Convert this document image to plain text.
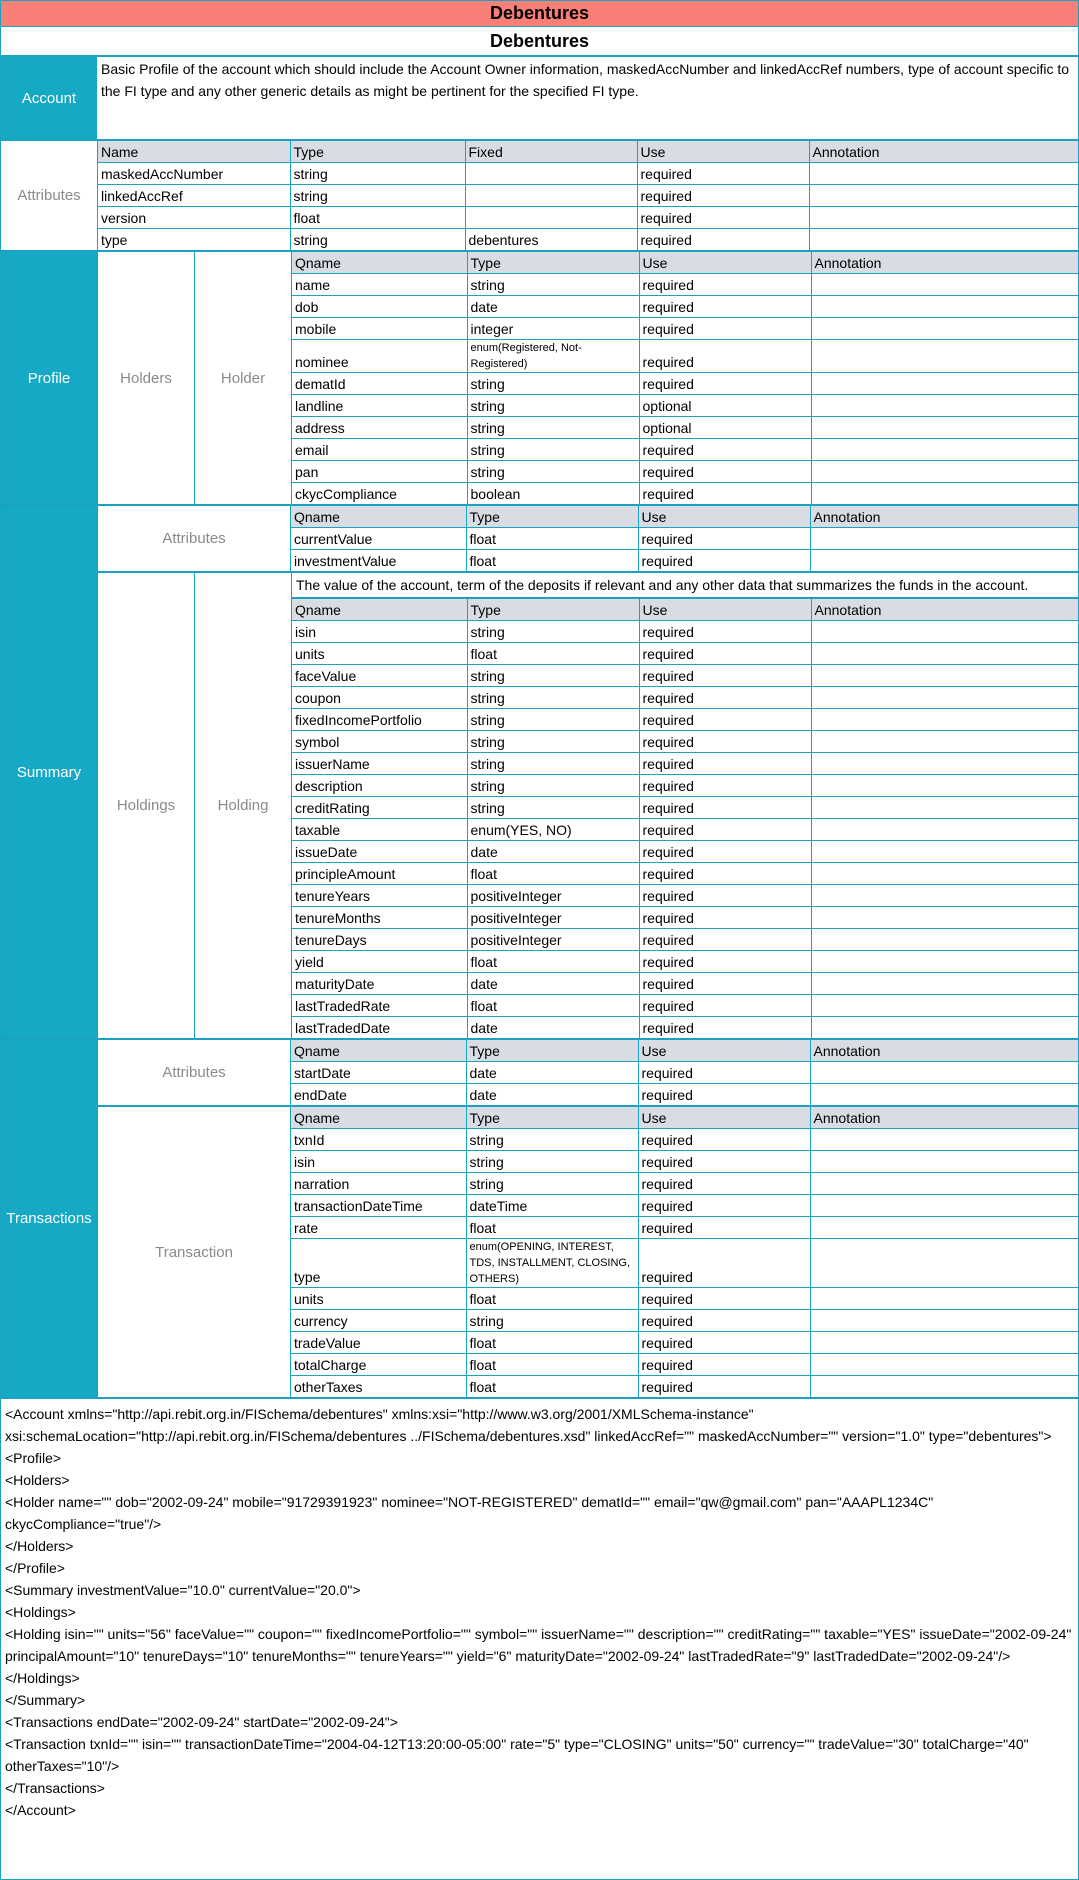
Debentures
Debentures
Account
Basic Profile of the account which should include the Account Owner information, maskedAccNumber and linkedAccRef numbers, type of account specific to the FI type and any other generic details as might be pertinent for the specified FI type.
Attributes
Name	Type	Fixed	Use	Annotation
maskedAccNumber	string		required	
linkedAccRef	string		required	
version	float		required	
type	string	debentures	required	
Profile	Holders	Holder
Qname	Type	Use	Annotation
name	string	required	
dob	date	required	
mobile	integer	required	
nominee	enum(Registered, Not-Registered)	required	
dematId	string	required	
landline	string	optional	
address	string	optional	
email	string	required	
pan	string	required	
ckycCompliance	boolean	required	
Summary
Attributes
Qname	Type	Use	Annotation
currentValue	float	required	
investmentValue	float	required	
Holdings	Holding
The value of the account, term of the deposits if relevant and any other data that summarizes the funds in the account.
Qname	Type	Use	Annotation
isin	string	required	
units	float	required	
faceValue	string	required	
coupon	string	required	
fixedIncomePortfolio	string	required	
symbol	string	required	
issuerName	string	required	
description	string	required	
creditRating	string	required	
taxable	enum(YES, NO)	required	
issueDate	date	required	
principleAmount	float	required	
tenureYears	positiveInteger	required	
tenureMonths	positiveInteger	required	
tenureDays	positiveInteger	required	
yield	float	required	
maturityDate	date	required	
lastTradedRate	float	required	
lastTradedDate	date	required	
Transactions
Attributes
Qname	Type	Use	Annotation
startDate	date	required	
endDate	date	required	
Transaction
Qname	Type	Use	Annotation
txnId	string	required	
isin	string	required	
narration	string	required	
transactionDateTime	dateTime	required	
rate	float	required	
type	enum(OPENING, INTEREST, TDS, INSTALLMENT, CLOSING, OTHERS)	required	
units	float	required	
currency	string	required	
tradeValue	float	required	
totalCharge	float	required	
otherTaxes	float	required	
<Account xmlns="http://api.rebit.org.in/FISchema/debentures" xmlns:xsi="http://www.w3.org/2001/XMLSchema-instance" xsi:schemaLocation="http://api.rebit.org.in/FISchema/debentures ../FISchema/debentures.xsd" linkedAccRef="" maskedAccNumber="" version="1.0" type="debentures">
<Profile>
<Holders>
<Holder name="" dob="2002-09-24" mobile="91729391923" nominee="NOT-REGISTERED" dematId="" email="qw@gmail.com" pan="AAAPL1234C" ckycCompliance="true"/>
</Holders>
</Profile>
<Summary investmentValue="10.0" currentValue="20.0">
<Holdings>
<Holding isin="" units="56" faceValue="" coupon="" fixedIncomePortfolio="" symbol="" issuerName="" description="" creditRating="" taxable="YES" issueDate="2002-09-24" principalAmount="10" tenureDays="10" tenureMonths="" tenureYears="" yield="6" maturityDate="2002-09-24" lastTradedRate="9" lastTradedDate="2002-09-24"/>
</Holdings>
</Summary>
<Transactions endDate="2002-09-24" startDate="2002-09-24">
<Transaction txnId="" isin="" transactionDateTime="2004-04-12T13:20:00-05:00" rate="5" type="CLOSING" units="50" currency="" tradeValue="30" totalCharge="40" otherTaxes="10"/>
</Transactions>
</Account>
